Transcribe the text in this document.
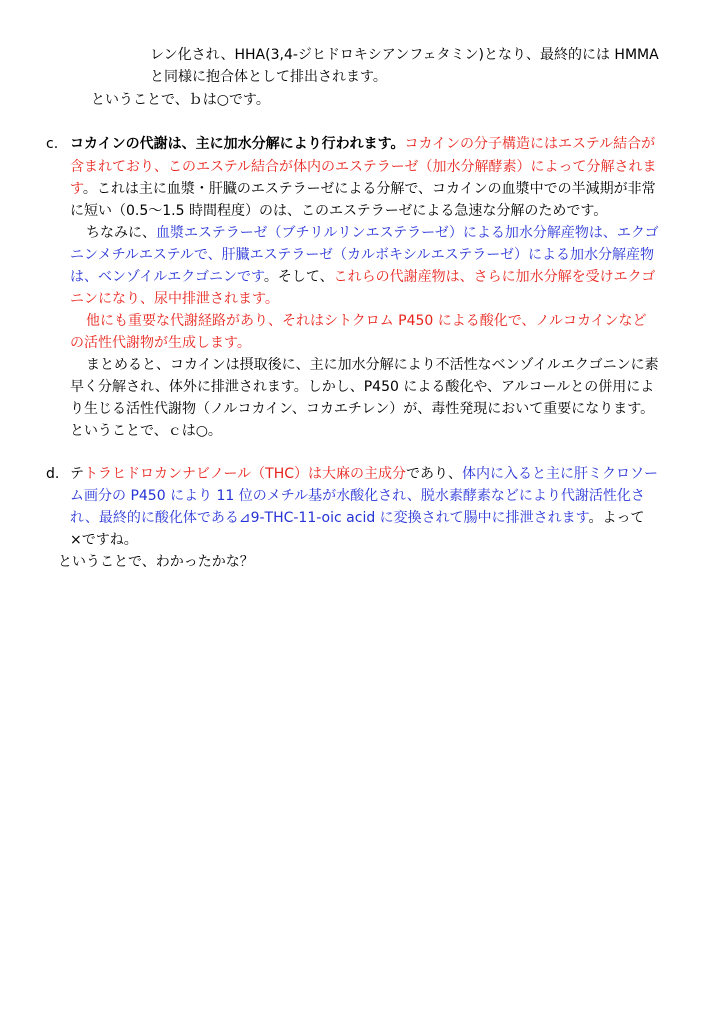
レン化され、HHA(3,4-ジヒドロキシアンフェタミン)となり、最終的には HMMA
と同様に抱合体として排出されます。
ということで、ｂは○です。
c. コカインの代謝は、主に加水分解により行われます。コカインの分子構造にはエステル結合が
含まれており、このエステル結合が体内のエステラーゼ（加水分解酵素）によって分解されま
す。これは主に血漿・肝臓のエステラーゼによる分解で、コカインの血漿中での半減期が非常
に短い（0.5～1.5 時間程度）のは、このエステラーゼによる急速な分解のためです。
ちなみに、血漿エステラーゼ（ブチリルリンエステラーゼ）による加水分解産物は、エクゴ
ニンメチルエステルで、肝臓エステラーゼ（カルボキシルエステラーゼ）による加水分解産物
は、ベンゾイルエクゴニンです。そして、これらの代謝産物は、さらに加水分解を受けエクゴ
ニンになり、尿中排泄されます。
他にも重要な代謝経路があり、それはシトクロム P450 による酸化で、ノルコカインなど
の活性代謝物が生成します。
まとめると、コカインは摂取後に、主に加水分解により不活性なベンゾイルエクゴニンに素
早く分解され、体外に排泄されます。しかし、P450 による酸化や、アルコールとの併用によ
り生じる活性代謝物（ノルコカイン、コカエチレン）が、毒性発現において重要になります。
ということで、ｃは○。
d. テトラヒドロカンナビノール（THC）は大麻の主成分であり、体内に入ると主に肝ミクロソー
ム画分の P450 により 11 位のメチル基が水酸化され、脱水素酵素などにより代謝活性化さ
れ、最終的に酸化体である⊿9-THC-11-oic acid に変換されて腸中に排泄されます。よって
×ですね。
ということで、わかったかな？
